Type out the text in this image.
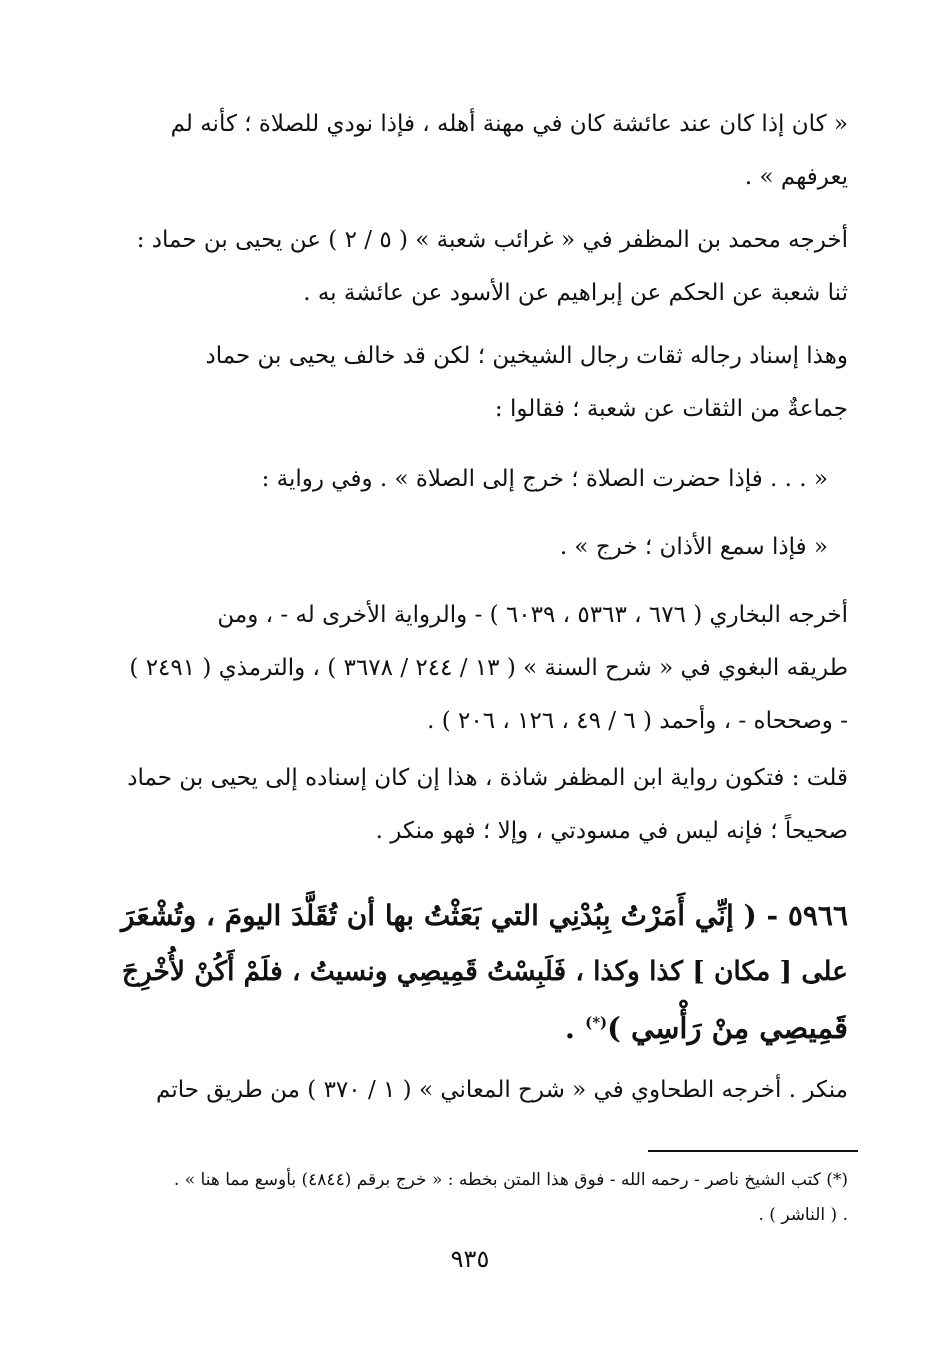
« كان إذا كان عند عائشة كان في مهنة أهله ، فإذا نودي للصلاة ؛ كأنه لم
يعرفهم » .
أخرجه محمد بن المظفر في « غرائب شعبة » ( ٥ / ٢ ) عن يحيى بن حماد :
ثنا شعبة عن الحكم عن إبراهيم عن الأسود عن عائشة به .
وهذا إسناد رجاله ثقات رجال الشيخين ؛ لكن قد خالف يحيى بن حماد
جماعةٌ من الثقات عن شعبة ؛ فقالوا :
« . . . فإذا حضرت الصلاة ؛ خرج إلى الصلاة » . وفي رواية :
« فإذا سمع الأذان ؛ خرج » .
أخرجه البخاري ( ٦٧٦ ، ٥٣٦٣ ، ٦٠٣٩ ) - والرواية الأخرى له - ، ومن
طريقه البغوي في « شرح السنة » ( ١٣ / ٢٤٤ / ٣٦٧٨ ) ، والترمذي ( ٢٤٩١ )
- وصححاه - ، وأحمد ( ٦ / ٤٩ ، ١٢٦ ، ٢٠٦ ) .
قلت : فتكون رواية ابن المظفر شاذة ، هذا إن كان إسناده إلى يحيى بن حماد
صحيحاً ؛ فإنه ليس في مسودتي ، وإلا ؛ فهو منكر .
٥٩٦٦ - ( إنِّي أَمَرْتُ بِبُدْنِي التي بَعَثْتُ بها أن تُقَلَّدَ اليومَ ، وتُشْعَرَ
على [ مكان ] كذا وكذا ، فَلَبِسْتُ قَمِيصِي ونسيتُ ، فلَمْ أَكُنْ لأُخْرِجَ
قَمِيصِي مِنْ رَأْسِي )(*) .
منكر . أخرجه الطحاوي في « شرح المعاني » ( ١ / ٣٧٠ ) من طريق حاتم
(*) كتب الشيخ ناصر - رحمه الله - فوق هذا المتن بخطه : « خرج برقم (٤٨٤٤) بأوسع مما هنا » .
. ( الناشر ) .
٩٣٥
